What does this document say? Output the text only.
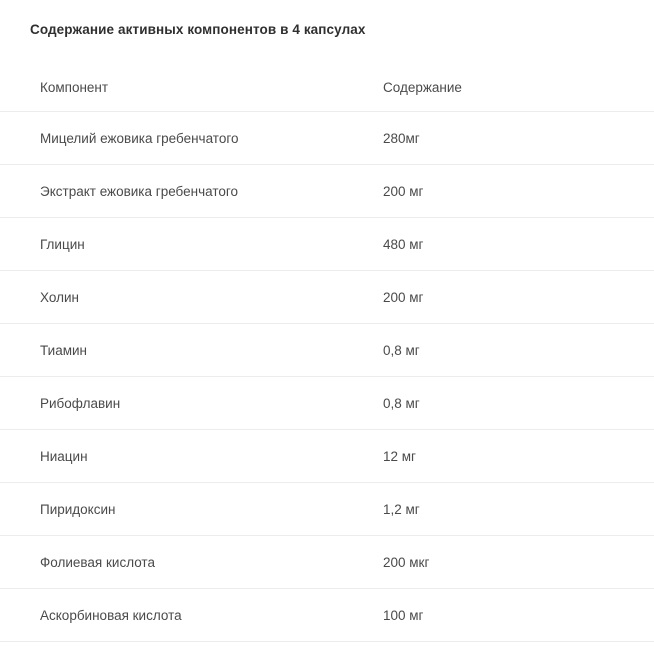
Содержание активных компонентов в 4 капсулах
Компонент	Содержание
Мицелий ежовика гребенчатого	280мг
Экстракт ежовика гребенчатого	200 мг
Глицин	480 мг
Холин	200 мг
Тиамин	0,8 мг
Рибофлавин	0,8 мг
Ниацин	12 мг
Пиридоксин	1,2 мг
Фолиевая кислота	200 мкг
Аскорбиновая кислота	100 мг
